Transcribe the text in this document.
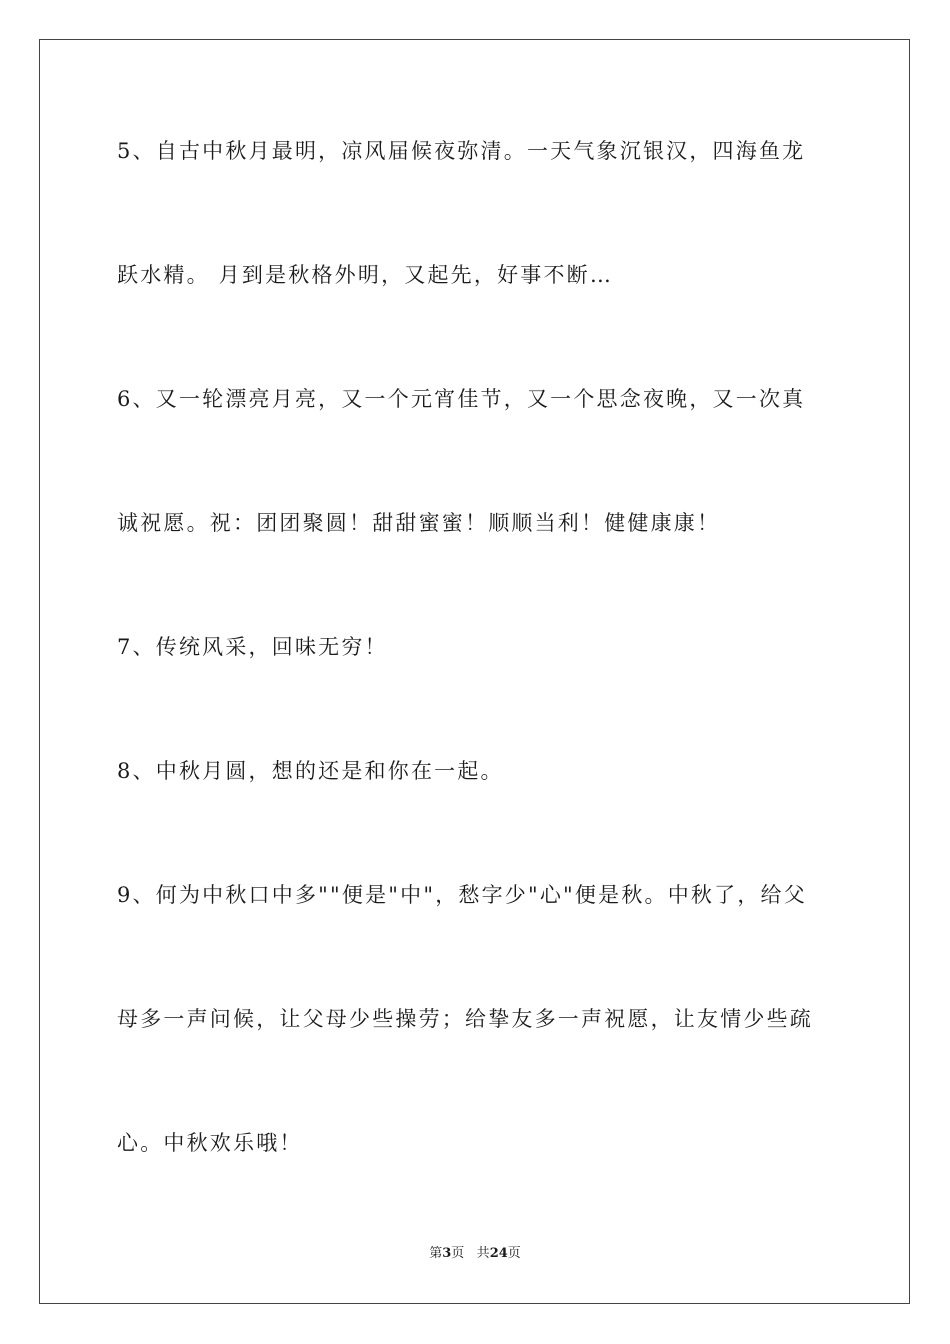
5、自古中秋月最明，凉风届候夜弥清。一天气象沉银汉，四海鱼龙
跃水精。 月到是秋格外明，又起先，好事不断…
6、又一轮漂亮月亮，又一个元宵佳节，又一个思念夜晚，又一次真
诚祝愿。祝：团团聚圆！甜甜蜜蜜！顺顺当利！健健康康！
7、传统风采，回味无穷！
8、中秋月圆，想的还是和你在一起。
9、何为中秋口中多""便是"中"，愁字少"心"便是秋。中秋了，给父
母多一声问候，让父母少些操劳；给挚友多一声祝愿，让友情少些疏
心。中秋欢乐哦！
第3页 共24页
